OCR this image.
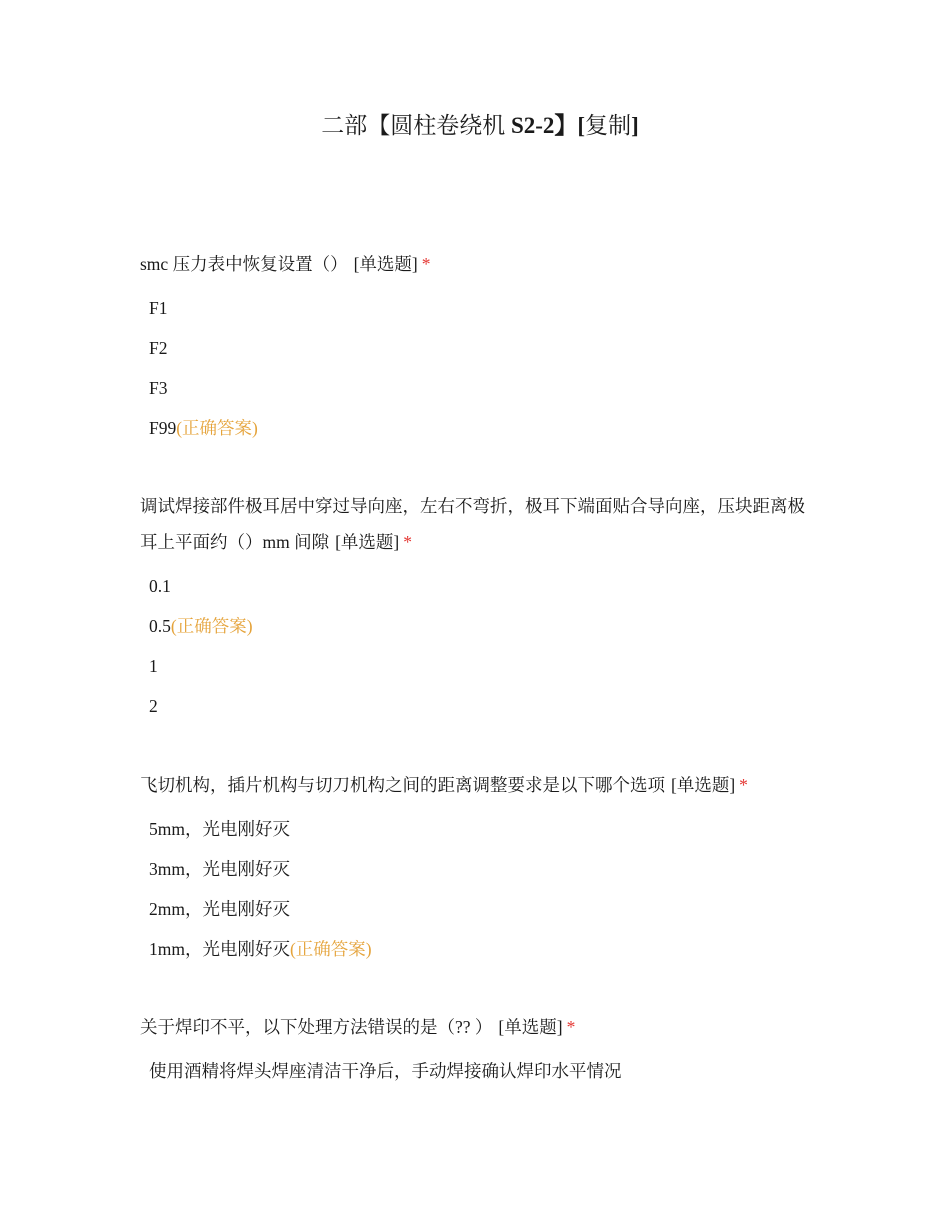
二部【圆柱卷绕机 S2-2】[复制]

smc 压力表中恢复设置（） [单选题] *

F1
F2
F3
F99(正确答案)

调试焊接部件极耳居中穿过导向座，左右不弯折，极耳下端面贴合导向座，压块距离极耳上平面约（）mm 间隙 [单选题] *

0.1
0.5(正确答案)
1
2

飞切机构，插片机构与切刀机构之间的距离调整要求是以下哪个选项 [单选题] *

5mm，光电刚好灭
3mm，光电刚好灭
2mm，光电刚好灭
1mm，光电刚好灭(正确答案)

关于焊印不平，以下处理方法错误的是（?? ） [单选题] *

使用酒精将焊头焊座清洁干净后，手动焊接确认焊印水平情况
